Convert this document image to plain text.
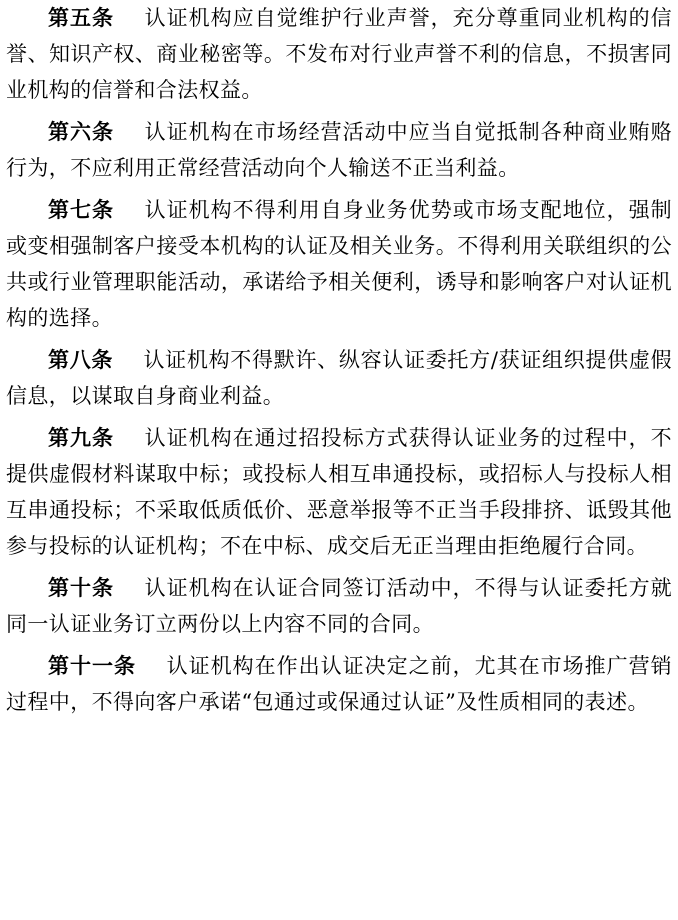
第五条 认证机构应自觉维护行业声誉，充分尊重同业机构的信誉、知识产权、商业秘密等。不发布对行业声誉不利的信息，不损害同业机构的信誉和合法权益。

第六条 认证机构在市场经营活动中应当自觉抵制各种商业贿赂行为，不应利用正常经营活动向个人输送不正当利益。

第七条 认证机构不得利用自身业务优势或市场支配地位，强制或变相强制客户接受本机构的认证及相关业务。不得利用关联组织的公共或行业管理职能活动，承诺给予相关便利，诱导和影响客户对认证机构的选择。

第八条 认证机构不得默许、纵容认证委托方/获证组织提供虚假信息，以谋取自身商业利益。

第九条 认证机构在通过招投标方式获得认证业务的过程中，不提供虚假材料谋取中标；或投标人相互串通投标，或招标人与投标人相互串通投标；不采取低质低价、恶意举报等不正当手段排挤、诋毁其他参与投标的认证机构；不在中标、成交后无正当理由拒绝履行合同。

第十条 认证机构在认证合同签订活动中，不得与认证委托方就同一认证业务订立两份以上内容不同的合同。

第十一条 认证机构在作出认证决定之前，尤其在市场推广营销过程中，不得向客户承诺“包通过或保通过认证”及性质相同的表述。
